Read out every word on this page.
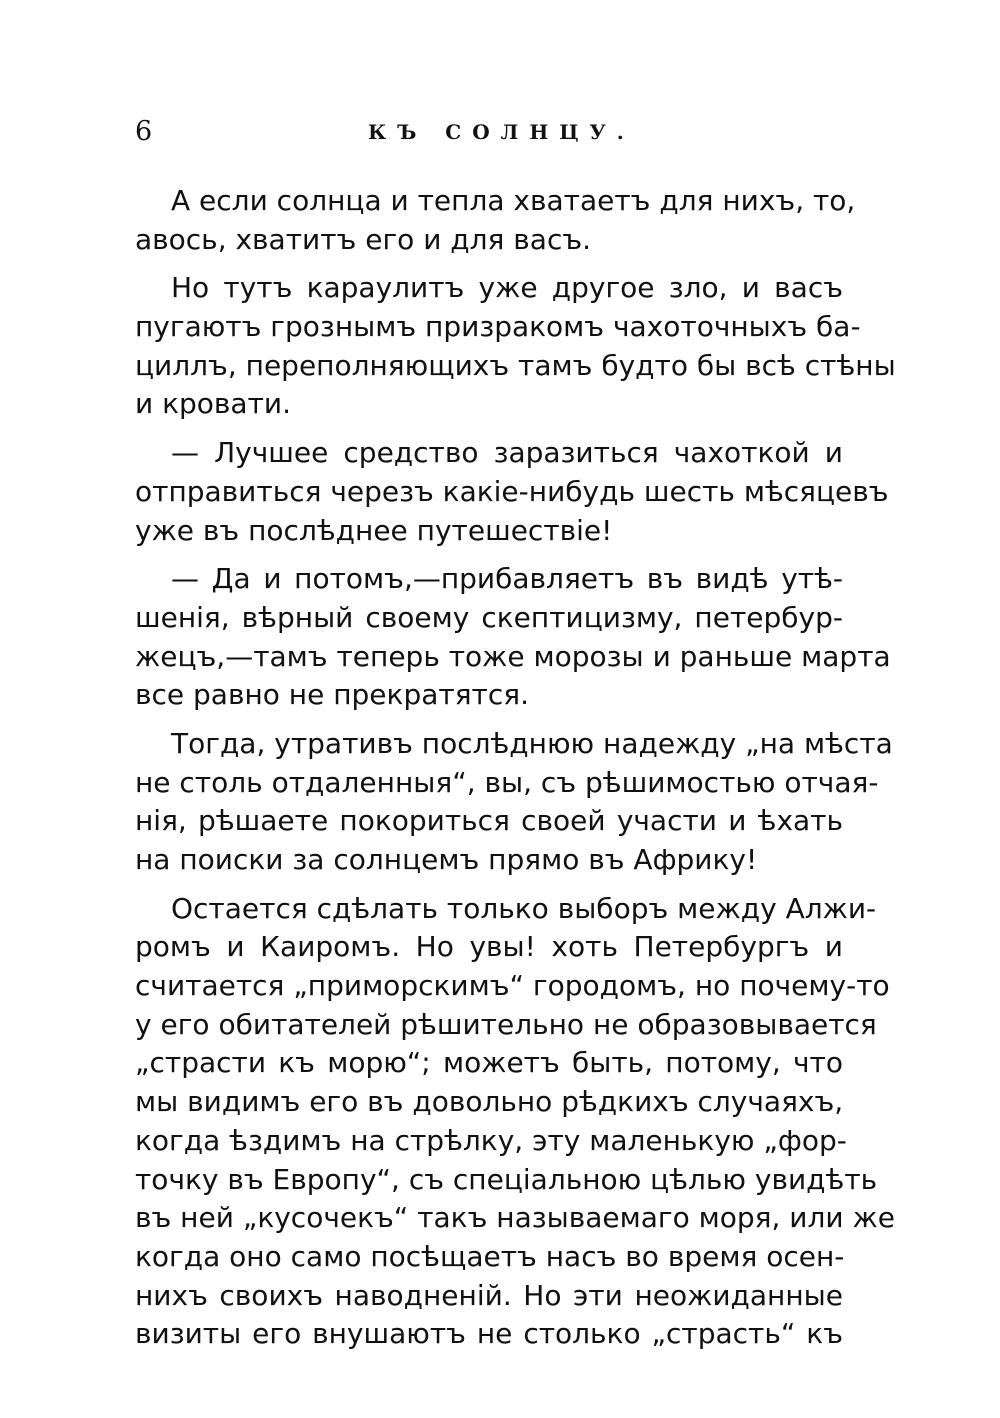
6	КЪ СОЛНЦУ.
А если солнца и тепла хватаетъ для нихъ, то,
авось, хватитъ его и для васъ.
Но тутъ караулитъ уже другое зло, и васъ
пугаютъ грознымъ призракомъ чахоточныхъ ба-
циллъ, переполняющихъ тамъ будто бы всѣ стѣны
и кровати.
— Лучшее средство заразиться чахоткой и
отправиться черезъ какіе-нибудь шесть мѣсяцевъ
уже въ послѣднее путешествіе!
— Да и потомъ,—прибавляетъ въ видѣ утѣ-
шенія, вѣрный своему скептицизму, петербур-
жецъ,—тамъ теперь тоже морозы и раньше марта
все равно не прекратятся.
Тогда, утративъ послѣднюю надежду „на мѣста
не столь отдаленныя“, вы, съ рѣшимостью отчая-
нія, рѣшаете покориться своей участи и ѣхать
на поиски за солнцемъ прямо въ Африку!
Остается сдѣлать только выборъ между Алжи-
ромъ и Каиромъ. Но увы! хоть Петербургъ и
считается „приморскимъ“ городомъ, но почему-то
у его обитателей рѣшительно не образовывается
„страсти къ морю“; можетъ быть, потому, что
мы видимъ его въ довольно рѣдкихъ случаяхъ,
когда ѣздимъ на стрѣлку, эту маленькую „фор-
точку въ Европу“, съ спеціальною цѣлью увидѣть
въ ней „кусочекъ“ такъ называемаго моря, или же
когда оно само посѣщаетъ насъ во время осен-
нихъ своихъ наводненій. Но эти неожиданные
визиты его внушаютъ не столько „страсть“ къ
